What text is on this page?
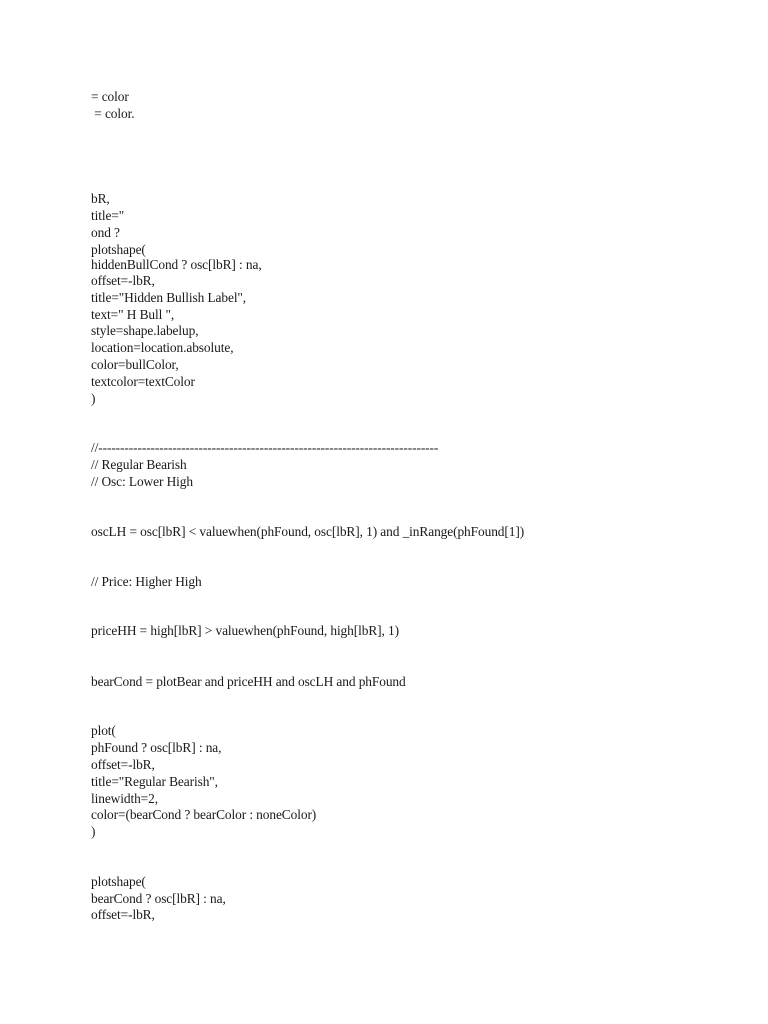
= color
= color.
bR,
title="
ond ?
plotshape(
hiddenBullCond ? osc[lbR] : na,
offset=-lbR,
title="Hidden Bullish Label",
text=" H Bull ",
style=shape.labelup,
location=location.absolute,
color=bullColor,
textcolor=textColor
)
//------------------------------------------------------------------------------
// Regular Bearish
// Osc: Lower High
oscLH = osc[lbR] < valuewhen(phFound, osc[lbR], 1) and _inRange(phFound[1])
// Price: Higher High
priceHH = high[lbR] > valuewhen(phFound, high[lbR], 1)
bearCond = plotBear and priceHH and oscLH and phFound
plot(
phFound ? osc[lbR] : na,
offset=-lbR,
title="Regular Bearish",
linewidth=2,
color=(bearCond ? bearColor : noneColor)
)
plotshape(
bearCond ? osc[lbR] : na,
offset=-lbR,
